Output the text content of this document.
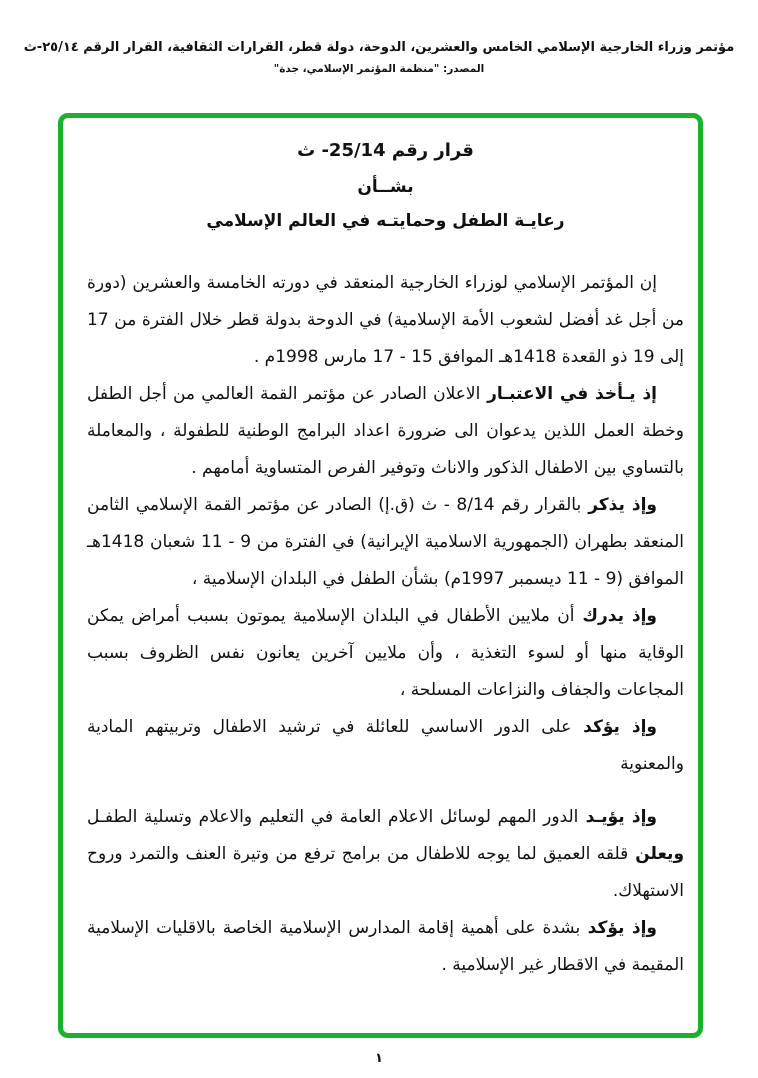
مؤتمر وزراء الخارجية الإسلامي الخامس والعشرين، الدوحة، دولة قطر، القرارات الثقافية، القرار الرقم ٢٥/١٤-ث
المصدر: "منظمة المؤتمر الإسلامي، جدة"
قرار رقم 25/14- ث
بشــأن
رعايـة الطفل وحمايتـه في العالم الإسلامي

إن المؤتمر الإسلامي لوزراء الخارجية المنعقد في دورته الخامسة والعشرين (دورة من أجل غد أفضل لشعوب الأمة الإسلامية) في الدوحة بدولة قطر خلال الفترة من 17 إلى 19 ذو القعدة 1418هـ الموافق 15 - 17 مارس 1998م .

إذ يـأخذ في الاعتبـار الاعلان الصادر عن مؤتمر القمة العالمي من أجل الطفل وخطة العمل اللذين يدعوان الى ضرورة اعداد البرامج الوطنية للطفولة ، والمعاملة بالتساوي بين الاطفال الذكور والاناث وتوفير الفرص المتساوية أمامهم .

وإذ يذكر بالقرار رقم 8/14 - ث (ق.إ) الصادر عن مؤتمر القمة الإسلامي الثامن المنعقد بطهران (الجمهورية الاسلامية الإيرانية) في الفترة من 9 - 11 شعبان 1418هـ الموافق (9 - 11 ديسمبر 1997م) بشأن الطفل في البلدان الإسلامية ،

وإذ يدرك أن ملايين الأطفال في البلدان الإسلامية يموتون بسبب أمراض يمكن الوقاية منها أو لسوء التغذية ، وأن ملايين آخرين يعانون نفس الظروف بسبب المجاعات والجفاف والنزاعات المسلحة ،

وإذ يؤكد على الدور الاساسي للعائلة في ترشيد الاطفال وتربيتهم المادية والمعنوية

وإذ يؤيـد الدور المهم لوسائل الاعلام العامة في التعليم والاعلام وتسلية الطفـل ويعلن قلقه العميق لما يوجه للاطفال من برامج ترفع من وتيرة العنف والتمرد وروح الاستهلاك.

وإذ يؤكد بشدة على أهمية إقامة المدارس الإسلامية الخاصة بالاقليات الإسلامية المقيمة في الاقطار غير الإسلامية .

١
